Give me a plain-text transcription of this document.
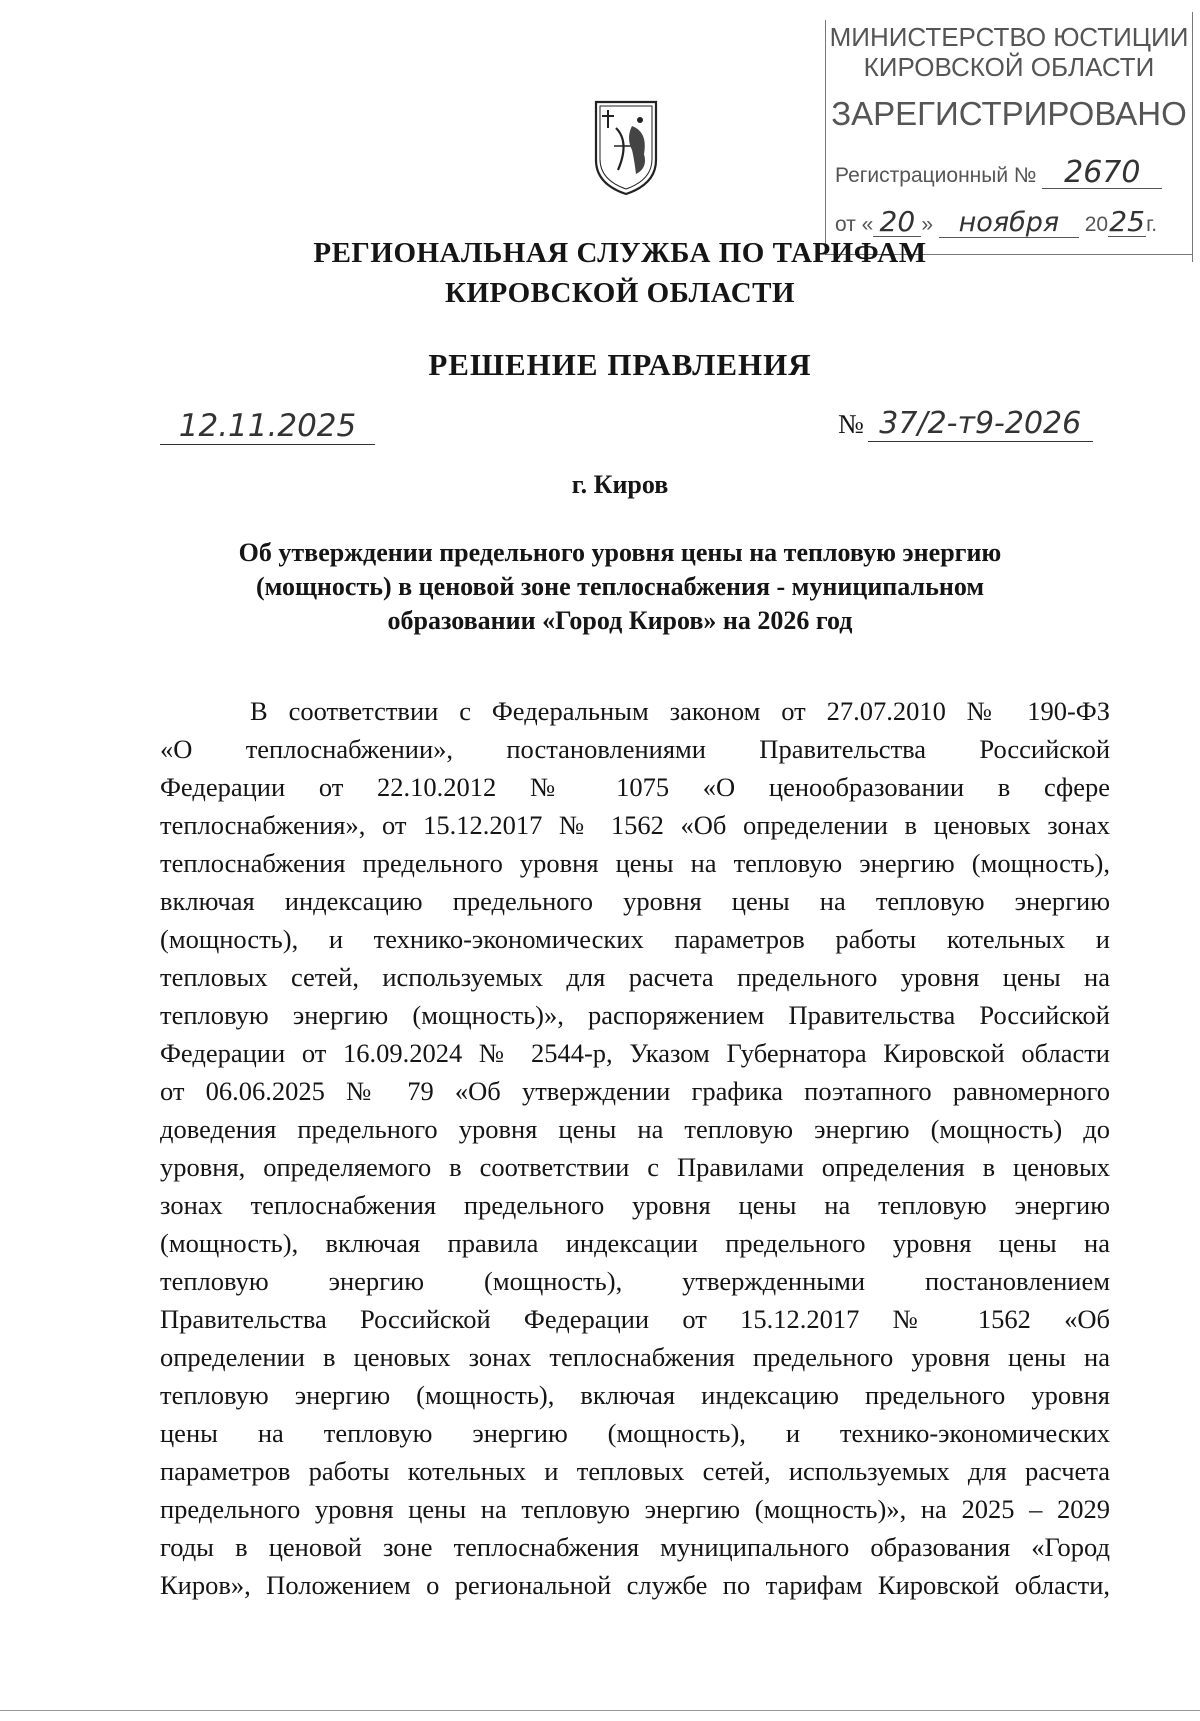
МИНИСТЕРСТВО ЮСТИЦИИ
КИРОВСКОЙ ОБЛАСТИ
ЗАРЕГИСТРИРОВАНО
Регистрационный № 2670
от « 20 » ноября 2025г.
РЕГИОНАЛЬНАЯ СЛУЖБА ПО ТАРИФАМ
КИРОВСКОЙ ОБЛАСТИ
РЕШЕНИЕ ПРАВЛЕНИЯ
12.11.2025	№ 37/2-т9-2026
г. Киров
Об утверждении предельного уровня цены на тепловую энергию
(мощность) в ценовой зоне теплоснабжения - муниципальном
образовании «Город Киров» на 2026 год
В соответствии с Федеральным законом от 27.07.2010 № 190-ФЗ
«О теплоснабжении», постановлениями Правительства Российской
Федерации от 22.10.2012 № 1075 «О ценообразовании в сфере
теплоснабжения», от 15.12.2017 № 1562 «Об определении в ценовых зонах
теплоснабжения предельного уровня цены на тепловую энергию (мощность),
включая индексацию предельного уровня цены на тепловую энергию
(мощность), и технико-экономических параметров работы котельных и
тепловых сетей, используемых для расчета предельного уровня цены на
тепловую энергию (мощность)», распоряжением Правительства Российской
Федерации от 16.09.2024 № 2544-р, Указом Губернатора Кировской области
от 06.06.2025 № 79 «Об утверждении графика поэтапного равномерного
доведения предельного уровня цены на тепловую энергию (мощность) до
уровня, определяемого в соответствии с Правилами определения в ценовых
зонах теплоснабжения предельного уровня цены на тепловую энергию
(мощность), включая правила индексации предельного уровня цены на
тепловую энергию (мощность), утвержденными постановлением
Правительства Российской Федерации от 15.12.2017 № 1562 «Об
определении в ценовых зонах теплоснабжения предельного уровня цены на
тепловую энергию (мощность), включая индексацию предельного уровня
цены на тепловую энергию (мощность), и технико-экономических
параметров работы котельных и тепловых сетей, используемых для расчета
предельного уровня цены на тепловую энергию (мощность)», на 2025 – 2029
годы в ценовой зоне теплоснабжения муниципального образования «Город
Киров», Положением о региональной службе по тарифам Кировской области,
